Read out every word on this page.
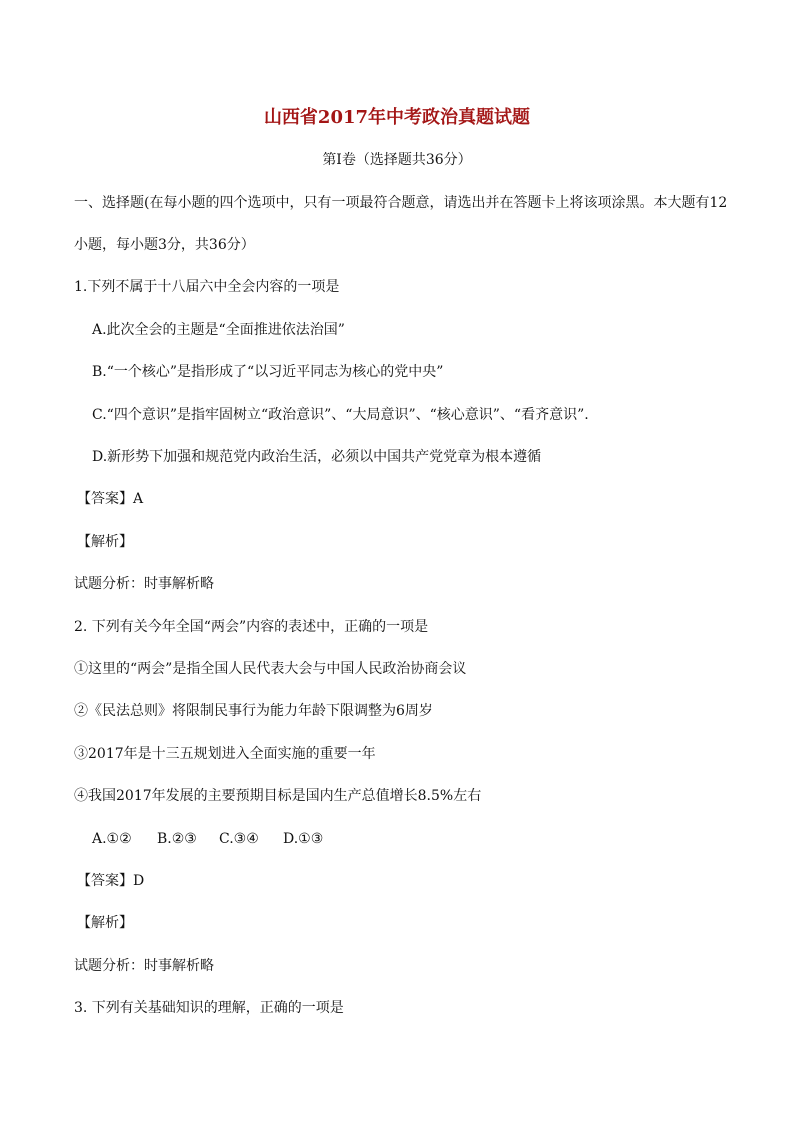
山西省2017年中考政治真题试题
第Ⅰ卷（选择题共36分）
一、选择题(在每小题的四个选项中，只有一项最符合题意，请选出并在答题卡上将该项涂黑。本大题有12
小题，每小题3分，共36分）
1.下列不属于十八届六中全会内容的一项是
A.此次全会的主题是“全面推进依法治国”
B.“一个核心”是指形成了“以习近平同志为核心的党中央”
C.“四个意识”是指牢固树立“政治意识”、“大局意识”、“核心意识”、“看齐意识”.
D.新形势下加强和规范党内政治生活，必须以中国共产党党章为根本遵循
【答案】A
【解析】
试题分析：时事解析略
2. 下列有关今年全国“两会”内容的表述中，正确的一项是
①这里的“两会”是指全国人民代表大会与中国人民政治协商会议
②《民法总则》将限制民事行为能力年龄下限调整为6周岁
③2017年是十三五规划进入全面实施的重要一年
④我国2017年发展的主要预期目标是国内生产总值增长8.5%左右
A.①② B.②③ C.③④ D.①③
【答案】D
【解析】
试题分析：时事解析略
3. 下列有关基础知识的理解，正确的一项是
